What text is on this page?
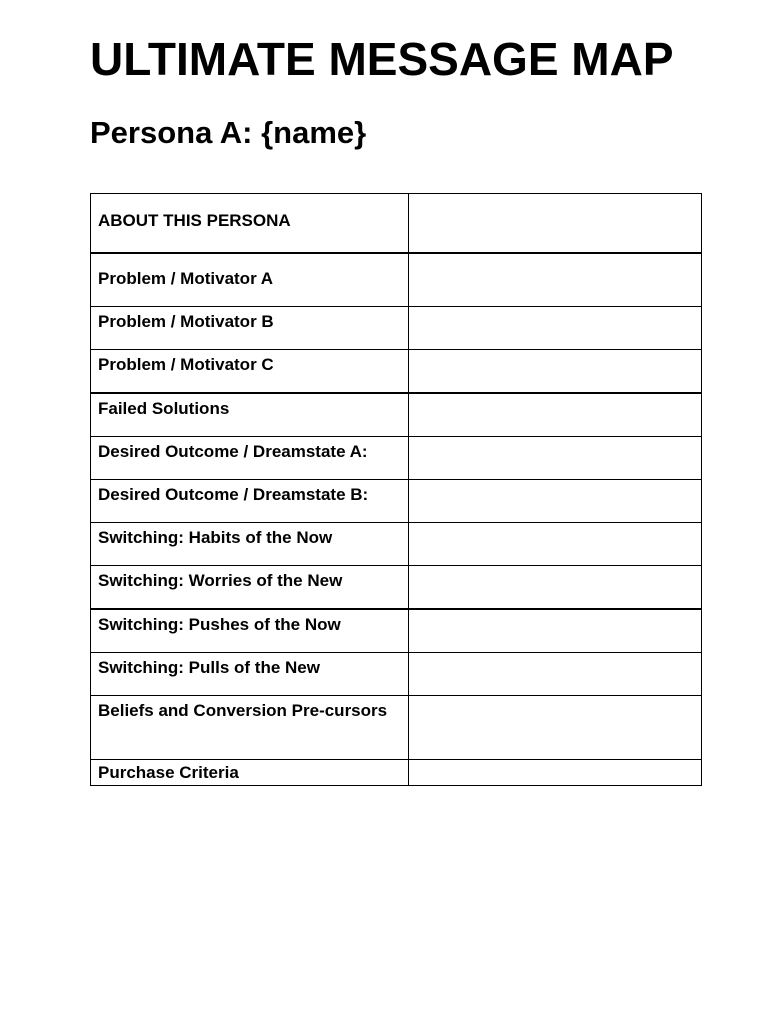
ULTIMATE MESSAGE MAP
Persona A: {name}
ABOUT THIS PERSONA	
Problem / Motivator A	
Problem / Motivator B	
Problem / Motivator C	
Failed Solutions	
Desired Outcome / Dreamstate A:	
Desired Outcome / Dreamstate B:	
Switching: Habits of the Now	
Switching: Worries of the New	
Switching: Pushes of the Now	
Switching: Pulls of the New	
Beliefs and Conversion Pre-cursors	
Purchase Criteria	
